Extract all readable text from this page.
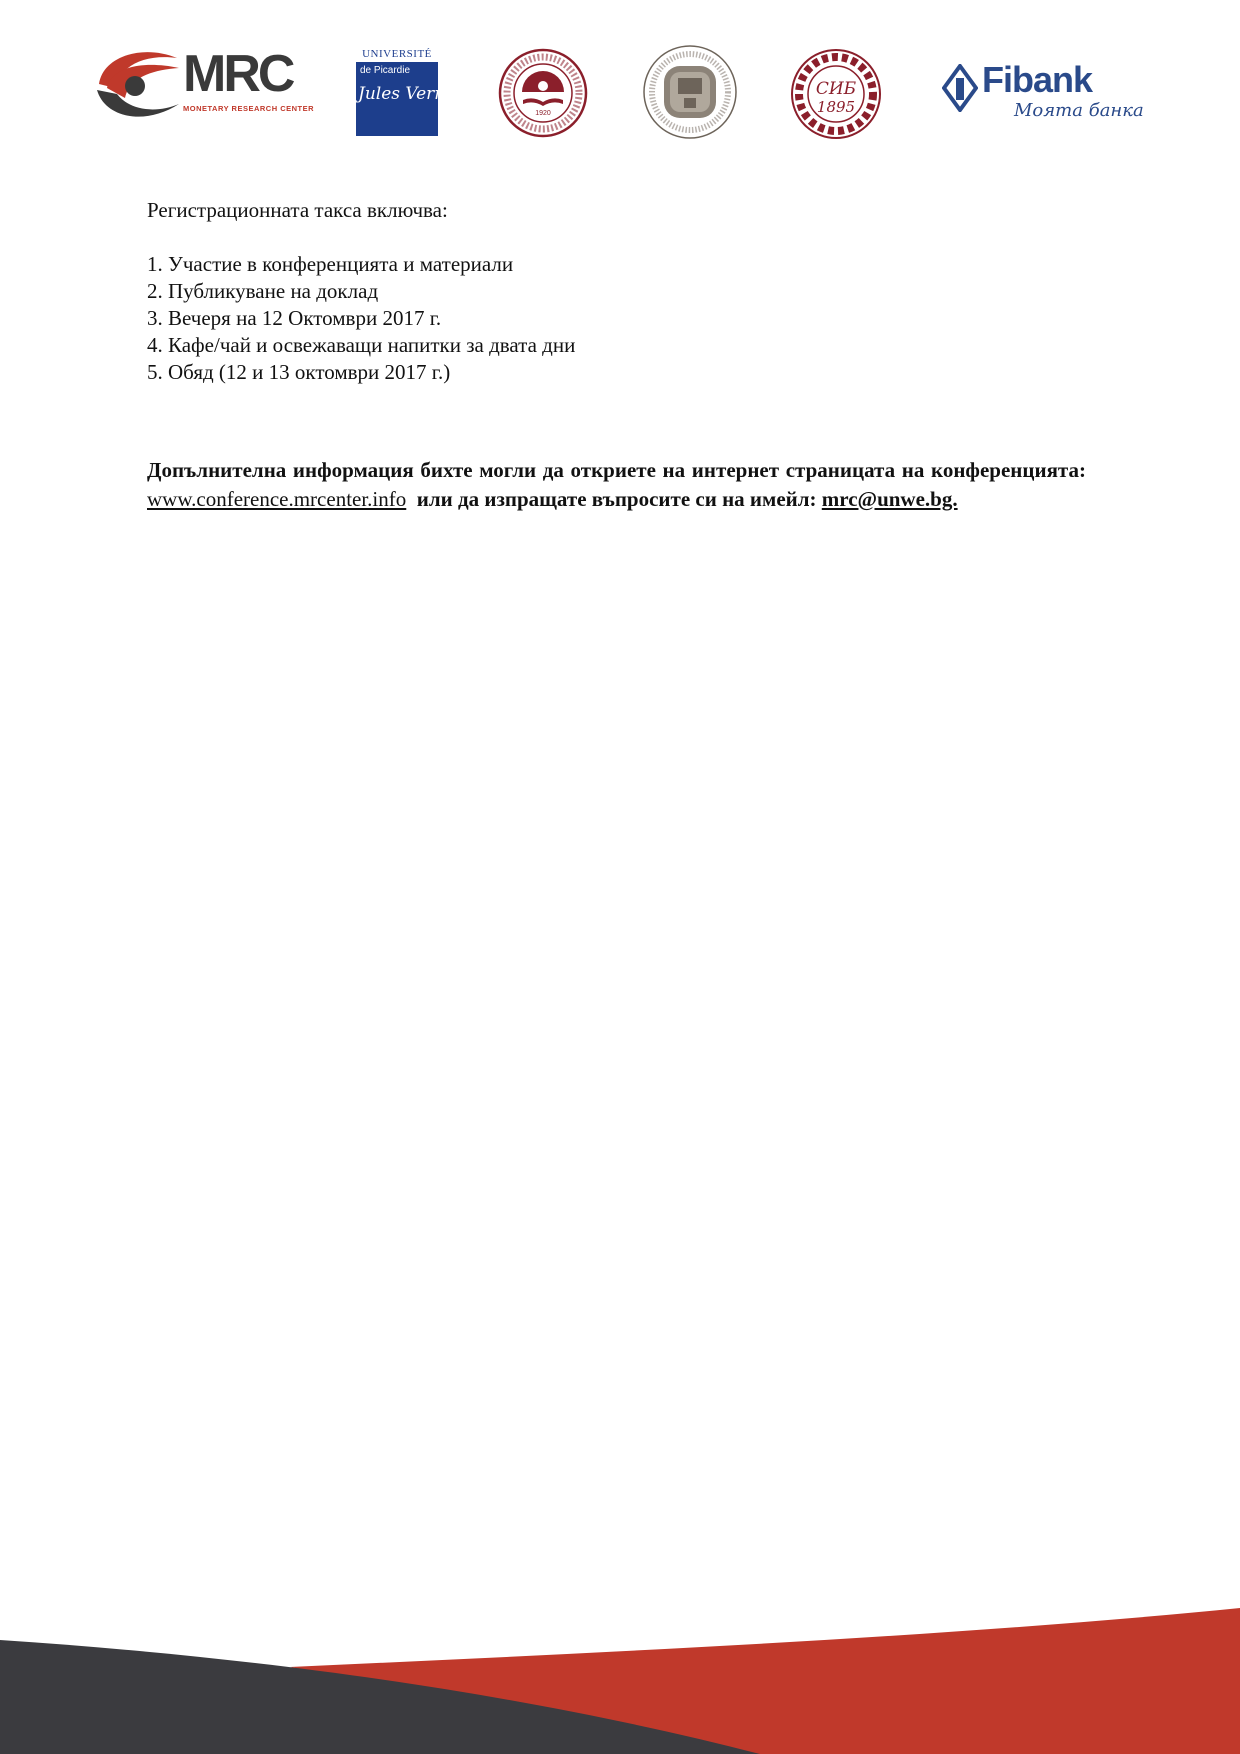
MRC
MONETARY RESEARCH CENTER
UNIVERSITÉ
de Picardie
Jules Verne
1920
СИБ
1895
Fibank
Моята банка

Регистрационната такса включва:

1. Участие в конференцията и материали
2. Публикуване на доклад
3. Вечеря на 12 Октомври 2017 г.
4. Кафе/чай и освежаващи напитки за двата дни
5. Обяд (12 и 13 октомври 2017 г.)

Допълнителна информация бихте могли да откриете на интернет страницата на конференцията: www.conference.mrcenter.info или да изпращате въпросите си на имейл: mrc@unwe.bg.
